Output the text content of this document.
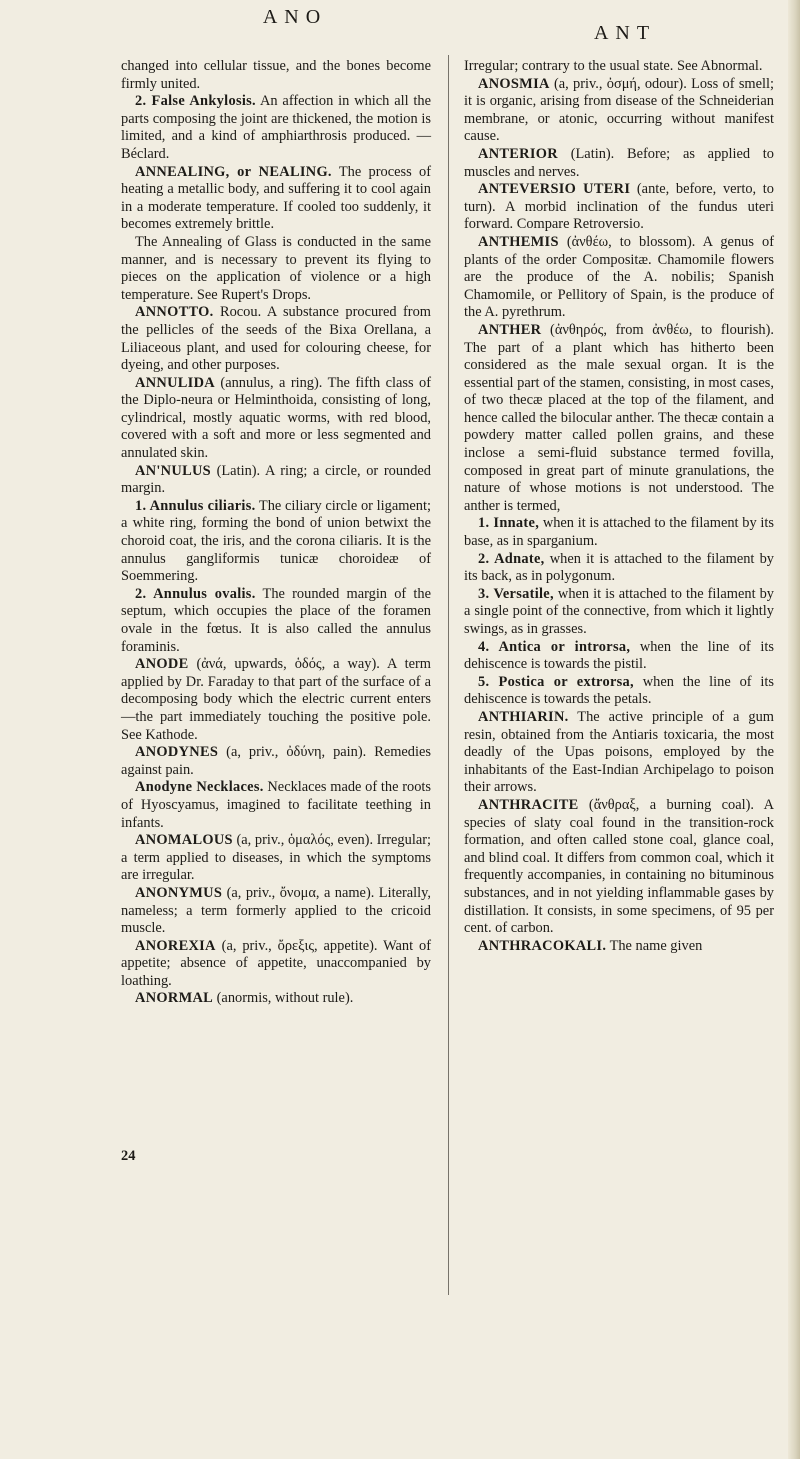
ANO
ANT

changed into cellular tissue, and the bones become firmly united.

2. False Ankylosis. An affection in which all the parts composing the joint are thickened, the motion is limited, and a kind of amphiarthrosis produced. — Béclard.

ANNEALING, or NEALING. The process of heating a metallic body, and suffering it to cool again in a moderate temperature. If cooled too suddenly, it becomes extremely brittle.

The Annealing of Glass is conducted in the same manner, and is necessary to prevent its flying to pieces on the application of violence or a high temperature. See Rupert's Drops.

ANNOTTO. Rocou. A substance procured from the pellicles of the seeds of the Bixa Orellana, a Liliaceous plant, and used for colouring cheese, for dyeing, and other purposes.

ANNULIDA (annulus, a ring). The fifth class of the Diplo-neura or Helminthoida, consisting of long, cylindrical, mostly aquatic worms, with red blood, covered with a soft and more or less segmented and annulated skin.

AN'NULUS (Latin). A ring; a circle, or rounded margin.

1. Annulus ciliaris. The ciliary circle or ligament; a white ring, forming the bond of union betwixt the choroid coat, the iris, and the corona ciliaris. It is the annulus gangliformis tunicæ choroideæ of Soemmering.

2. Annulus ovalis. The rounded margin of the septum, which occupies the place of the foramen ovale in the fœtus. It is also called the annulus foraminis.

ANODE (ἀνά, upwards, ὁδός, a way). A term applied by Dr. Faraday to that part of the surface of a decomposing body which the electric current enters—the part immediately touching the positive pole. See Kathode.

ANODYNES (a, priv., ὀδύνη, pain). Remedies against pain.

Anodyne Necklaces. Necklaces made of the roots of Hyoscyamus, imagined to facilitate teething in infants.

ANOMALOUS (a, priv., ὁμαλός, even). Irregular; a term applied to diseases, in which the symptoms are irregular.

ANONYMUS (a, priv., ὄνομα, a name). Literally, nameless; a term formerly applied to the cricoid muscle.

ANOREXIA (a, priv., ὄρεξις, appetite). Want of appetite; absence of appetite, unaccompanied by loathing.

ANORMAL (anormis, without rule).

Irregular; contrary to the usual state. See Abnormal.

ANOSMIA (a, priv., ὀσμή, odour). Loss of smell; it is organic, arising from disease of the Schneiderian membrane, or atonic, occurring without manifest cause.

ANTERIOR (Latin). Before; as applied to muscles and nerves.

ANTEVERSIO UTERI (ante, before, verto, to turn). A morbid inclination of the fundus uteri forward. Compare Retroversio.

ANTHEMIS (ἀνθέω, to blossom). A genus of plants of the order Compositæ. Chamomile flowers are the produce of the A. nobilis; Spanish Chamomile, or Pellitory of Spain, is the produce of the A. pyrethrum.

ANTHER (ἀνθηρός, from ἀνθέω, to flourish). The part of a plant which has hitherto been considered as the male sexual organ. It is the essential part of the stamen, consisting, in most cases, of two thecæ placed at the top of the filament, and hence called the bilocular anther. The thecæ contain a powdery matter called pollen grains, and these inclose a semi-fluid substance termed fovilla, composed in great part of minute granulations, the nature of whose motions is not understood. The anther is termed,

1. Innate, when it is attached to the filament by its base, as in sparganium.

2. Adnate, when it is attached to the filament by its back, as in polygonum.

3. Versatile, when it is attached to the filament by a single point of the connective, from which it lightly swings, as in grasses.

4. Antica or introrsa, when the line of its dehiscence is towards the pistil.

5. Postica or extrorsa, when the line of its dehiscence is towards the petals.

ANTHIARIN. The active principle of a gum resin, obtained from the Antiaris toxicaria, the most deadly of the Upas poisons, employed by the inhabitants of the East-Indian Archipelago to poison their arrows.

ANTHRACITE (ἄνθραξ, a burning coal). A species of slaty coal found in the transition-rock formation, and often called stone coal, glance coal, and blind coal. It differs from common coal, which it frequently accompanies, in containing no bituminous substances, and in not yielding inflammable gases by distillation. It consists, in some specimens, of 95 per cent. of carbon.

ANTHRACOKALI. The name given

24
